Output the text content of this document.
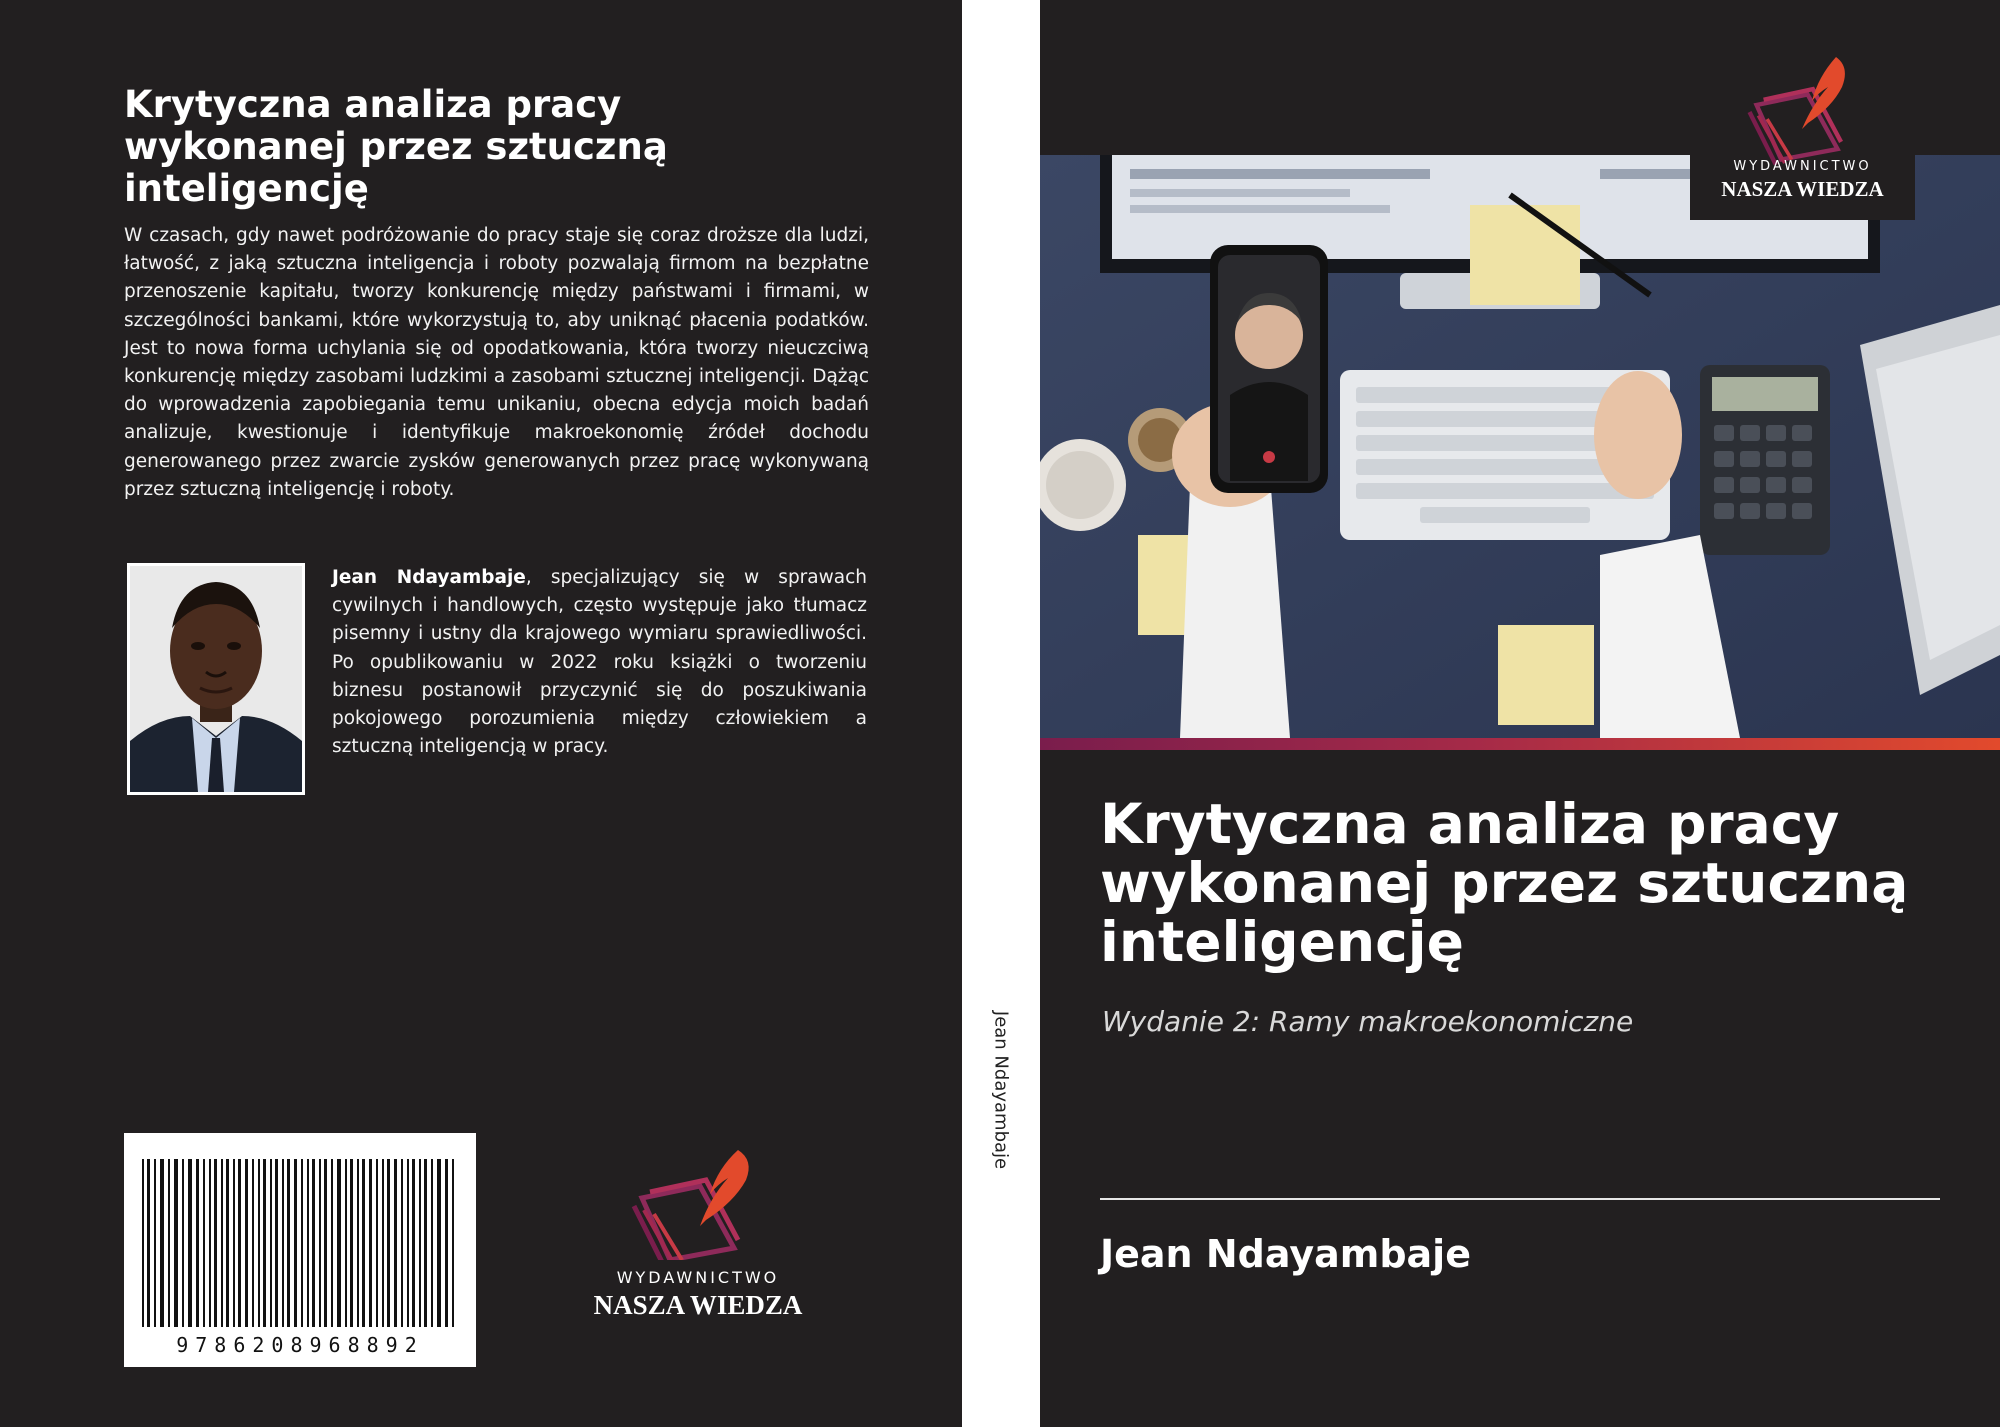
Krytyczna analiza pracy
wykonanej przez sztuczną
inteligencję

W czasach, gdy nawet podróżowanie do pracy staje się coraz droższe dla ludzi, łatwość, z jaką sztuczna inteligencja i roboty pozwalają firmom na bezpłatne przenoszenie kapitału, tworzy konkurencję między państwami i firmami, w szczególności bankami, które wykorzystują to, aby uniknąć płacenia podatków. Jest to nowa forma uchylania się od opodatkowania, która tworzy nieuczciwą konkurencję między zasobami ludzkimi a zasobami sztucznej inteligencji. Dążąc do wprowadzenia zapobiegania temu unikaniu, obecna edycja moich badań analizuje, kwestionuje i identyfikuje makroekonomię źródeł dochodu generowanego przez zwarcie zysków generowanych przez pracę wykonywaną przez sztuczną inteligencję i roboty.

Jean Ndayambaje, specjalizujący się w sprawach cywilnych i handlowych, często występuje jako tłumacz pisemny i ustny dla krajowego wymiaru sprawiedliwości. Po opublikowaniu w 2022 roku książki o tworzeniu biznesu postanowił przyczynić się do poszukiwania pokojowego porozumienia między człowiekiem a sztuczną inteligencją w pracy.

9786208968892
WYDAWNICTWO
NASZA WIEDZA
Jean Ndayambaje
WYDAWNICTWO
NASZA WIEDZA
Krytyczna analiza pracy
wykonanej przez sztuczną
inteligencję

Wydanie 2: Ramy makroekonomiczne

Jean Ndayambaje
